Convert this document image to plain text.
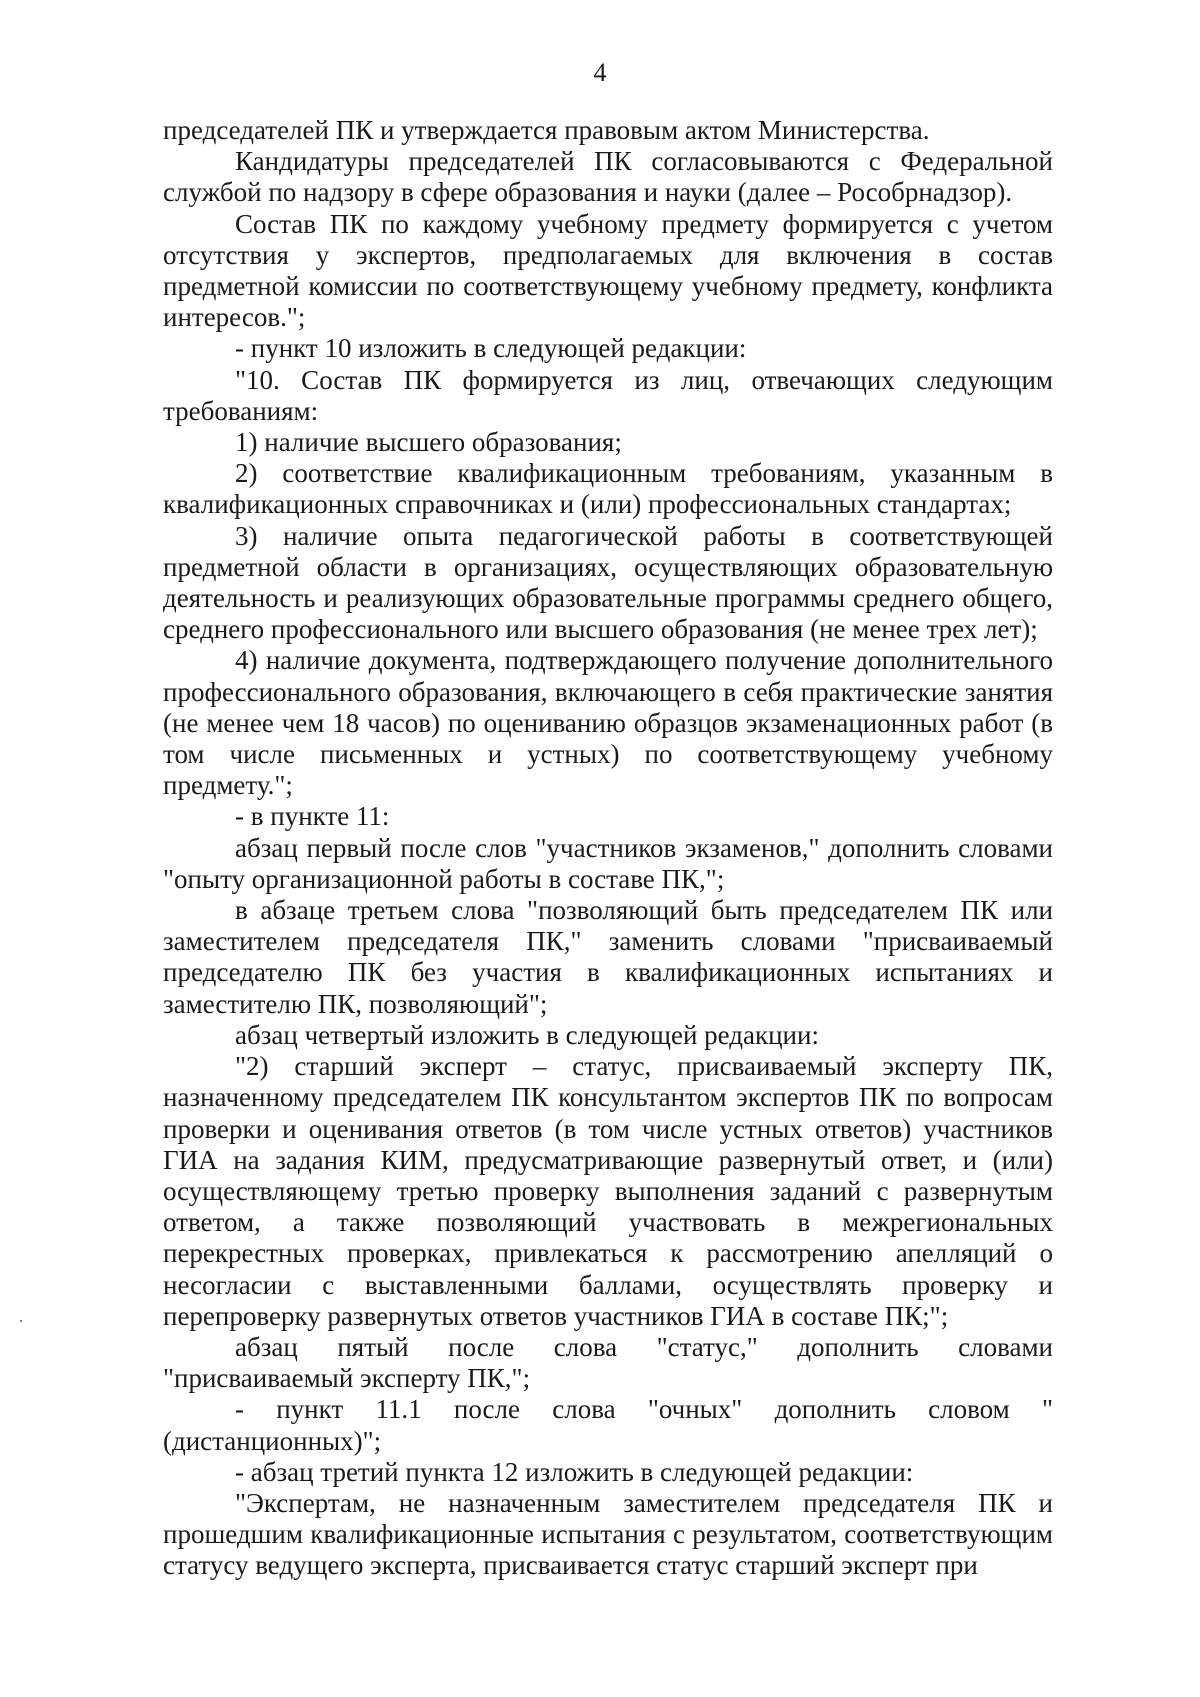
4

председателей ПК и утверждается правовым актом Министерства.

Кандидатуры председателей ПК согласовываются с Федеральной службой по надзору в сфере образования и науки (далее – Рособрнадзор).

Состав ПК по каждому учебному предмету формируется с учетом отсутствия у экспертов, предполагаемых для включения в состав предметной комиссии по соответствующему учебному предмету, конфликта интересов.";

- пункт 10 изложить в следующей редакции:

"10. Состав ПК формируется из лиц, отвечающих следующим требованиям:

1) наличие высшего образования;

2) соответствие квалификационным требованиям, указанным в квалификационных справочниках и (или) профессиональных стандартах;

3) наличие опыта педагогической работы в соответствующей предметной области в организациях, осуществляющих образовательную деятельность и реализующих образовательные программы среднего общего, среднего профессионального или высшего образования (не менее трех лет);

4) наличие документа, подтверждающего получение дополнительного профессионального образования, включающего в себя практические занятия (не менее чем 18 часов) по оцениванию образцов экзаменационных работ (в том числе письменных и устных) по соответствующему учебному предмету.";

- в пункте 11:

абзац первый после слов "участников экзаменов," дополнить словами "опыту организационной работы в составе ПК,";

в абзаце третьем слова "позволяющий быть председателем ПК или заместителем председателя ПК," заменить словами "присваиваемый председателю ПК без участия в квалификационных испытаниях и заместителю ПК, позволяющий";

абзац четвертый изложить в следующей редакции:

"2) старший эксперт – статус, присваиваемый эксперту ПК, назначенному председателем ПК консультантом экспертов ПК по вопросам проверки и оценивания ответов (в том числе устных ответов) участников ГИА на задания КИМ, предусматривающие развернутый ответ, и (или) осуществляющему третью проверку выполнения заданий с развернутым ответом, а также позволяющий участвовать в межрегиональных перекрестных проверках, привлекаться к рассмотрению апелляций о несогласии с выставленными баллами, осуществлять проверку и перепроверку развернутых ответов участников ГИА в составе ПК;";

абзац пятый после слова "статус," дополнить словами "присваиваемый эксперту ПК,";

- пункт 11.1 после слова "очных" дополнить словом "(дистанционных)";

- абзац третий пункта 12 изложить в следующей редакции:

"Экспертам, не назначенным заместителем председателя ПК и прошедшим квалификационные испытания с результатом, соответствующим статусу ведущего эксперта, присваивается статус старший эксперт при
